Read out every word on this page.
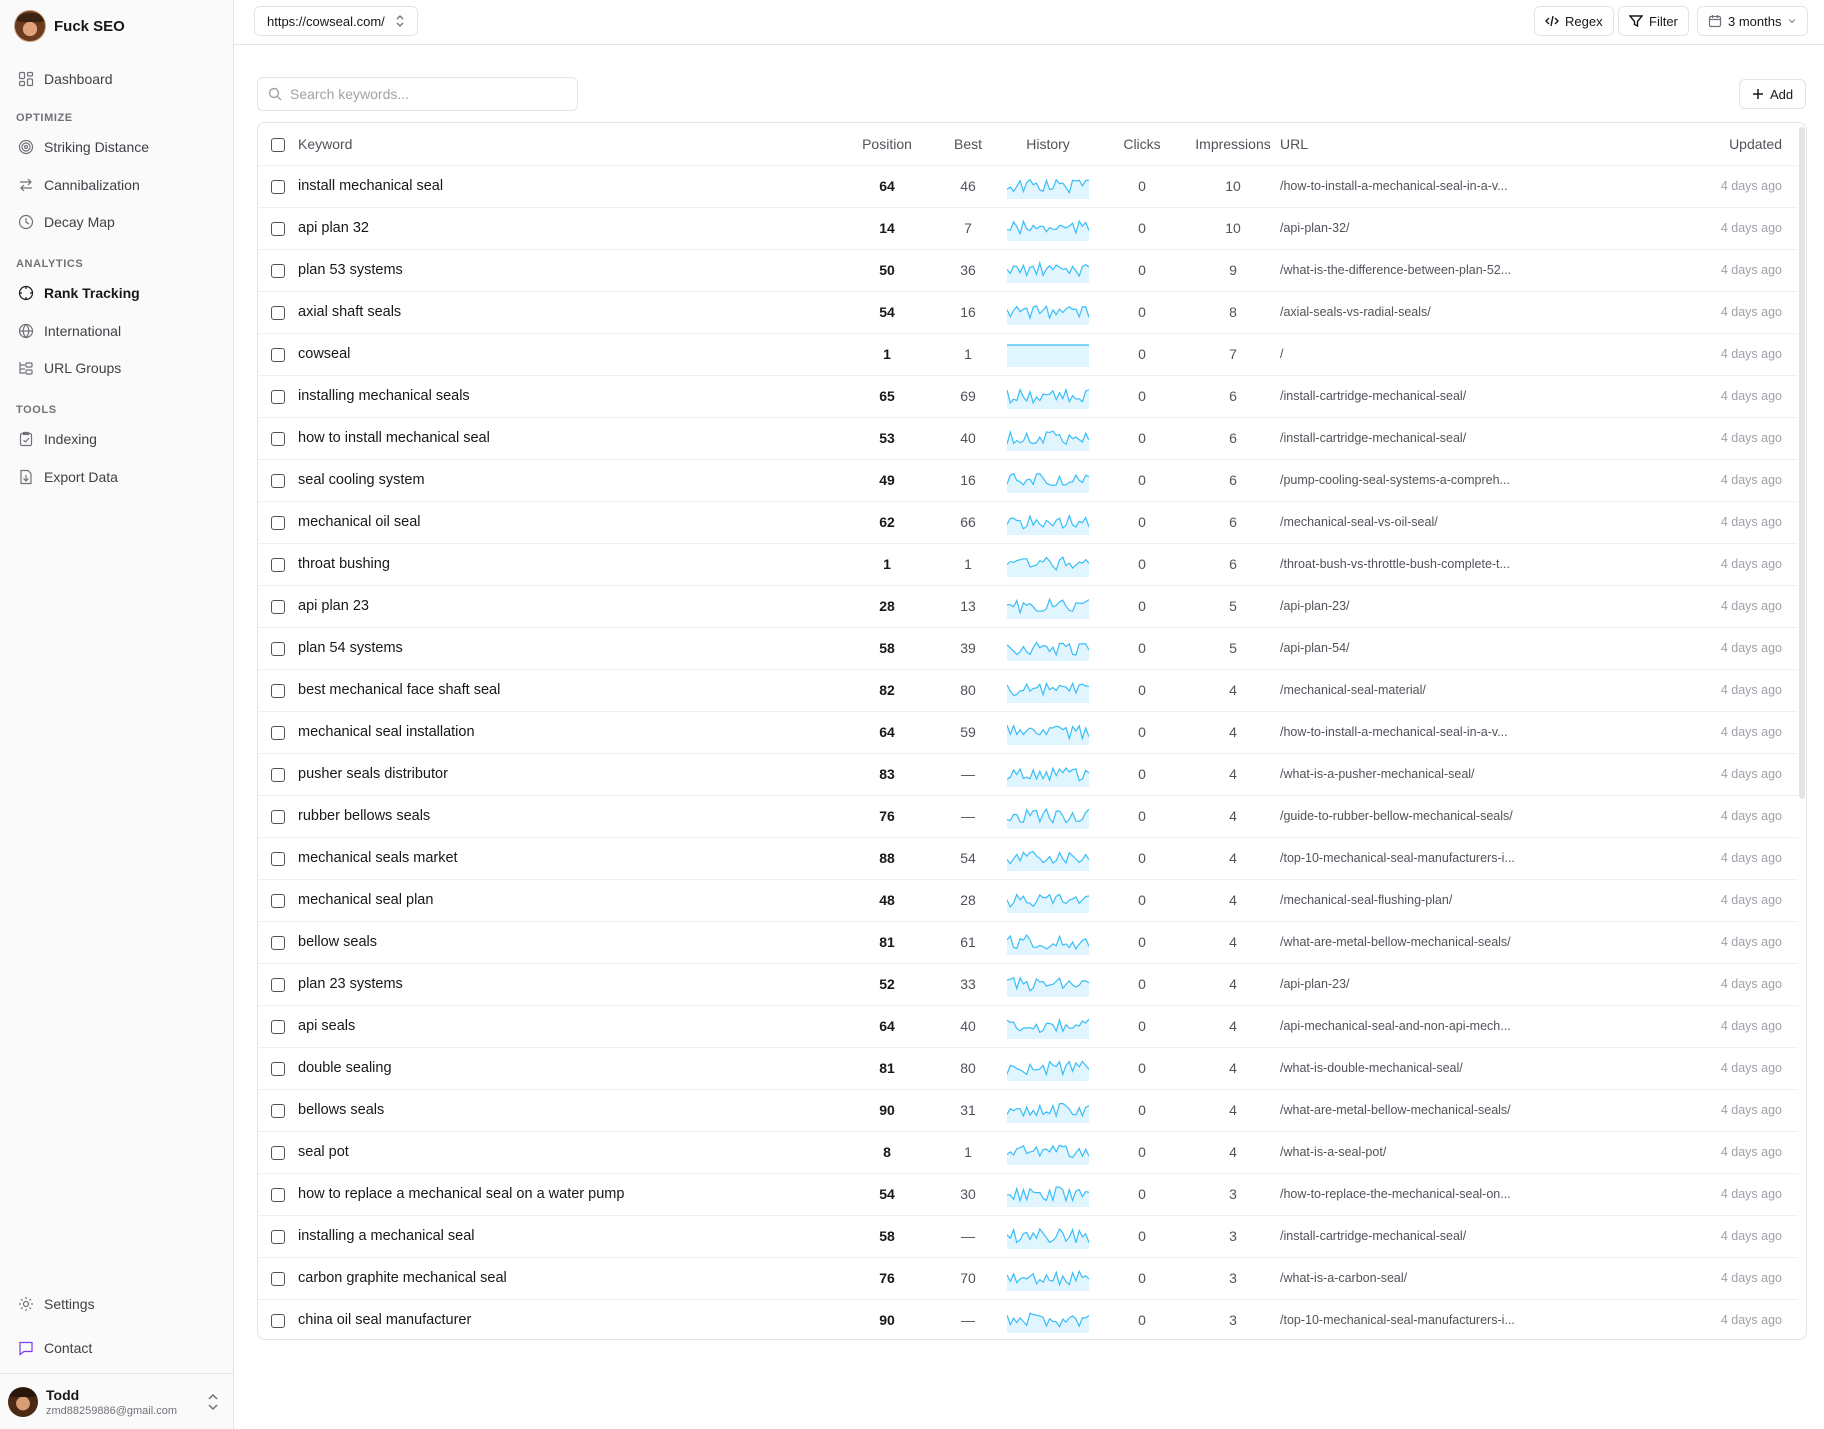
Fuck SEO
Dashboard
OPTIMIZE
Striking Distance
Cannibalization
Decay Map
ANALYTICS
Rank Tracking
International
URL Groups
TOOLS
Indexing
Export Data
Settings
Contact
Todd
zmd88259886@gmail.com
https://cowseal.com/	Regex	Filter	3 months
Search keywords...
Add
	Keyword	Position	Best	History	Clicks	Impressions	URL	Updated
	install mechanical seal	64	46		0	10	/how-to-install-a-mechanical-seal-in-a-v...	4 days ago
	api plan 32	14	7		0	10	/api-plan-32/	4 days ago
	plan 53 systems	50	36		0	9	/what-is-the-difference-between-plan-52...	4 days ago
	axial shaft seals	54	16		0	8	/axial-seals-vs-radial-seals/	4 days ago
	cowseal	1	1		0	7	/	4 days ago
	installing mechanical seals	65	69		0	6	/install-cartridge-mechanical-seal/	4 days ago
	how to install mechanical seal	53	40		0	6	/install-cartridge-mechanical-seal/	4 days ago
	seal cooling system	49	16		0	6	/pump-cooling-seal-systems-a-compreh...	4 days ago
	mechanical oil seal	62	66		0	6	/mechanical-seal-vs-oil-seal/	4 days ago
	throat bushing	1	1		0	6	/throat-bush-vs-throttle-bush-complete-t...	4 days ago
	api plan 23	28	13		0	5	/api-plan-23/	4 days ago
	plan 54 systems	58	39		0	5	/api-plan-54/	4 days ago
	best mechanical face shaft seal	82	80		0	4	/mechanical-seal-material/	4 days ago
	mechanical seal installation	64	59		0	4	/how-to-install-a-mechanical-seal-in-a-v...	4 days ago
	pusher seals distributor	83	—		0	4	/what-is-a-pusher-mechanical-seal/	4 days ago
	rubber bellows seals	76	—		0	4	/guide-to-rubber-bellow-mechanical-seals/	4 days ago
	mechanical seals market	88	54		0	4	/top-10-mechanical-seal-manufacturers-i...	4 days ago
	mechanical seal plan	48	28		0	4	/mechanical-seal-flushing-plan/	4 days ago
	bellow seals	81	61		0	4	/what-are-metal-bellow-mechanical-seals/	4 days ago
	plan 23 systems	52	33		0	4	/api-plan-23/	4 days ago
	api seals	64	40		0	4	/api-mechanical-seal-and-non-api-mech...	4 days ago
	double sealing	81	80		0	4	/what-is-double-mechanical-seal/	4 days ago
	bellows seals	90	31		0	4	/what-are-metal-bellow-mechanical-seals/	4 days ago
	seal pot	8	1		0	4	/what-is-a-seal-pot/	4 days ago
	how to replace a mechanical seal on a water pump	54	30		0	3	/how-to-replace-the-mechanical-seal-on...	4 days ago
	installing a mechanical seal	58	—		0	3	/install-cartridge-mechanical-seal/	4 days ago
	carbon graphite mechanical seal	76	70		0	3	/what-is-a-carbon-seal/	4 days ago
	china oil seal manufacturer	90	—		0	3	/top-10-mechanical-seal-manufacturers-i...	4 days ago
